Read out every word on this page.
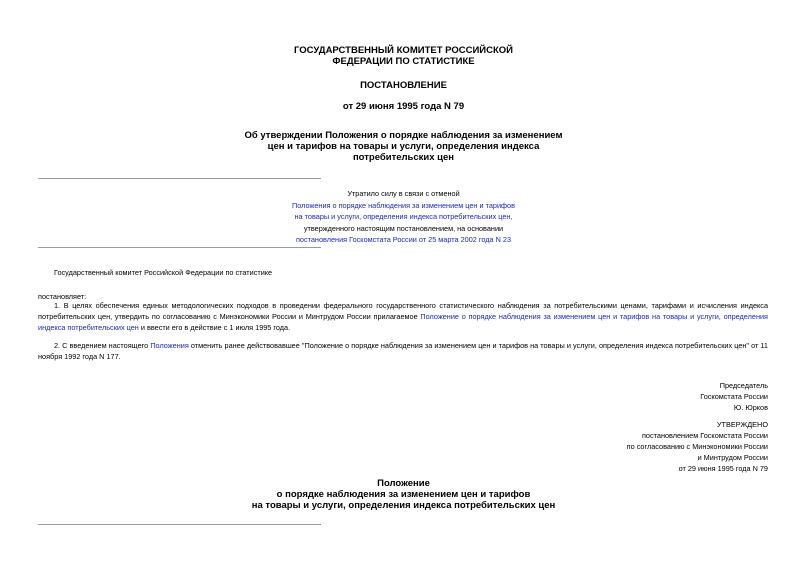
ГОСУДАРСТВЕННЫЙ КОМИТЕТ РОССИЙСКОЙ
ФЕДЕРАЦИИ ПО СТАТИСТИКЕ
ПОСТАНОВЛЕНИЕ
от 29 июня 1995 года N 79
Об утверждении Положения о порядке наблюдения за изменением
цен и тарифов на товары и услуги, определения индекса
потребительских цен
Утратило силу в связи с отменой
Положения о порядке наблюдения за изменением цен и тарифов
на товары и услуги, определения индекса потребительских цен,
утвержденного настоящим постановлением, на основании
постановления Госкомстата России от 25 марта 2002 года N 23
Государственный комитет Российской Федерации по статистике
постановляет:
1. В целях обеспечения единых методологических подходов в проведении федерального государственного статистического наблюдения за потребительскими ценами, тарифами и исчисления индекса потребительских цен, утвердить по согласованию с Минэкономики России и Минтрудом России прилагаемое Положение о порядке наблюдения за изменением цен и тарифов на товары и услуги, определения индекса потребительских цен и ввести его в действие с 1 июля 1995 года.
2. С введением настоящего Положения отменить ранее действовавшее "Положение о порядке наблюдения за изменением цен и тарифов на товары и услуги, определения индекса потребительских цен" от 11 ноября 1992 года N 177.
Председатель
Госкомстата России
Ю. Юрков
УТВЕРЖДЕНО
постановлением Госкомстата России
по согласованию с Минэкономики России
и Минтрудом России
от 29 июня 1995 года N 79
Положение
о порядке наблюдения за изменением цен и тарифов
на товары и услуги, определения индекса потребительских цен
